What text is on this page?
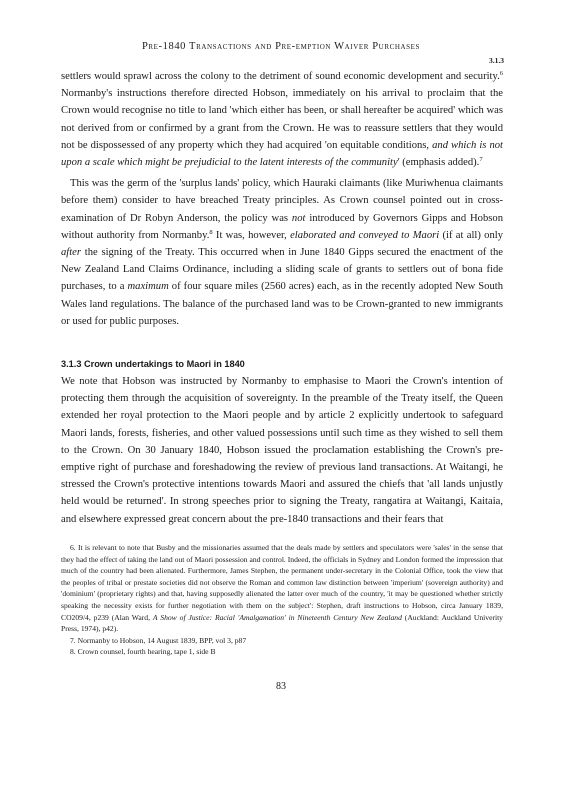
Pre-1840 Transactions and Pre-emption Waiver Purchases
3.1.3

settlers would sprawl across the colony to the detriment of sound economic development and security.$^6$ Normanby's instructions therefore directed Hobson, immediately on his arrival to proclaim that the Crown would recognise no title to land 'which either has been, or shall hereafter be acquired' which was not derived from or confirmed by a grant from the Crown. He was to reassure settlers that they would not be dispossessed of any property which they had acquired 'on equitable conditions, and which is not upon a scale which might be prejudicial to the latent interests of the community' (emphasis added).$^7$

This was the germ of the 'surplus lands' policy, which Hauraki claimants (like Muriwhenua claimants before them) consider to have breached Treaty principles. As Crown counsel pointed out in cross-examination of Dr Robyn Anderson, the policy was not introduced by Governors Gipps and Hobson without authority from Normanby.$^8$ It was, however, elaborated and conveyed to Maori (if at all) only after the signing of the Treaty. This occurred when in June 1840 Gipps secured the enactment of the New Zealand Land Claims Ordinance, including a sliding scale of grants to settlers out of bona fide purchases, to a maximum of four square miles (2560 acres) each, as in the recently adopted New South Wales land regulations. The balance of the purchased land was to be Crown-granted to new immigrants or used for public purposes.

3.1.3 Crown undertakings to Maori in 1840

We note that Hobson was instructed by Normanby to emphasise to Maori the Crown's intention of protecting them through the acquisition of sovereignty. In the preamble of the Treaty itself, the Queen extended her royal protection to the Maori people and by article 2 explicitly undertook to safeguard Maori lands, forests, fisheries, and other valued possessions until such time as they wished to sell them to the Crown. On 30 January 1840, Hobson issued the proclamation establishing the Crown's pre-emptive right of purchase and foreshadowing the review of previous land transactions. At Waitangi, he stressed the Crown's protective intentions towards Maori and assured the chiefs that 'all lands unjustly held would be returned'. In strong speeches prior to signing the Treaty, rangatira at Waitangi, Kaitaia, and elsewhere expressed great concern about the pre-1840 transactions and their fears that

6. It is relevant to note that Busby and the missionaries assumed that the deals made by settlers and speculators were 'sales' in the sense that they had the effect of taking the land out of Maori possession and control. Indeed, the officials in Sydney and London formed the impression that much of the country had been alienated. Furthermore, James Stephen, the permanent under-secretary in the Colonial Office, took the view that the peoples of tribal or prestate societies did not observe the Roman and common law distinction between 'imperium' (sovereign authority) and 'dominium' (proprietary rights) and that, having supposedly alienated the latter over much of the country, 'it may be questioned whether strictly speaking the necessity exists for further negotiation with them on the subject': Stephen, draft instructions to Hobson, circa January 1839, CO209/4, p239 (Alan Ward, A Show of Justice: Racial 'Amalgamation' in Nineteenth Century New Zealand (Auckland: Auckland Univerity Press, 1974), p42).

7. Normanby to Hobson, 14 August 1839, BPP, vol 3, p87

8. Crown counsel, fourth hearing, tape 1, side B

83
